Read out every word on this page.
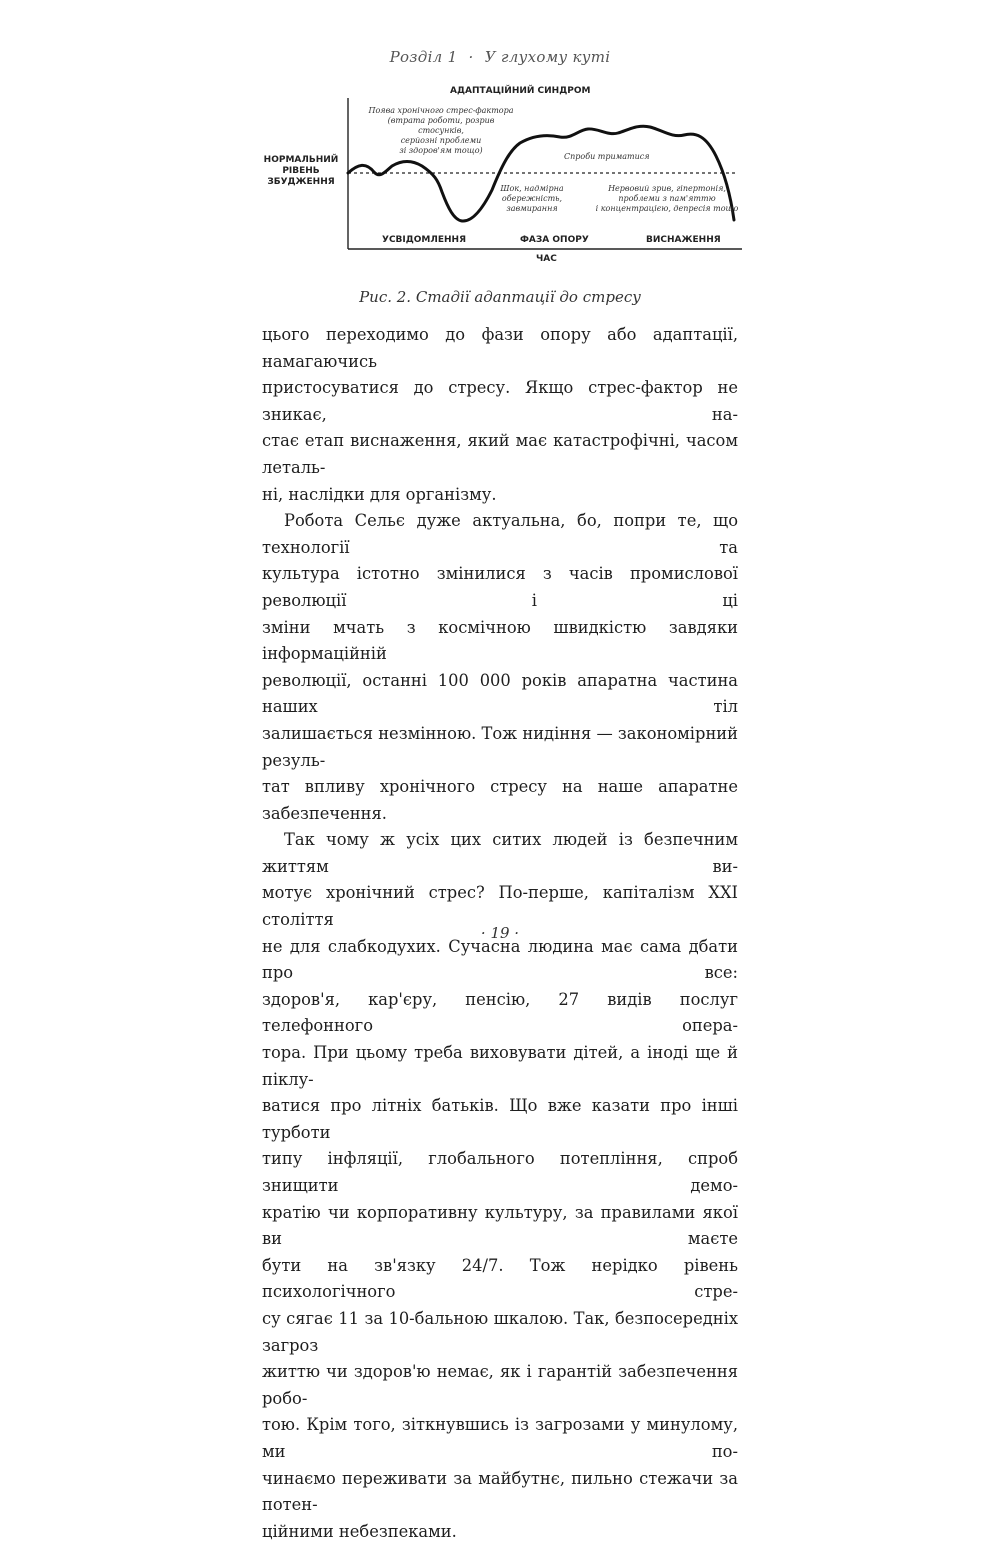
Розділ 1 · У глухому куті
АДАПТАЦІЙНИЙ СИНДРОМ
НОРМАЛЬНИЙ
РІВЕНЬ
ЗБУДЖЕННЯ
Поява хронічного стрес-фактора
(втрата роботи, розрив стосунків,
серйозні проблеми
зі здоров'ям тощо)
Шок, надмірна
обережність,
завмирання
Спроби триматися
Нервовий зрив, гіпертонія,
проблеми з пам'яттю
і концентрацією, депресія тощо
УСВІДОМЛЕННЯ	ФАЗА ОПОРУ	ВИСНАЖЕННЯ
ЧАС
Рис. 2. Стадії адаптації до стресу

цього переходимо до фази опору або адаптації, намагаючись

пристосуватися до стресу. Якщо стрес-фактор не зникає, на-

стає етап виснаження, який має катастрофічні, часом леталь-

ні, наслідки для організму.

Робота Сельє дуже актуальна, бо, попри те, що технології та

культура істотно змінилися з часів промислової революції і ці

зміни мчать з космічною швидкістю завдяки інформаційній

революції, останні 100 000 років апаратна частина наших тіл

залишається незмінною. Тож нидіння — закономірний резуль-

тат впливу хронічного стресу на наше апаратне забезпечення.

Так чому ж усіх цих ситих людей із безпечним життям ви-

мотує хронічний стрес? По-перше, капіталізм XXI століття

не для слабкодухих. Сучасна людина має сама дбати про все:

здоров'я, кар'єру, пенсію, 27 видів послуг телефонного опера-

тора. При цьому треба виховувати дітей, а іноді ще й піклу-

ватися про літніх батьків. Що вже казати про інші турботи

типу інфляції, глобального потепління, спроб знищити демо-

кратію чи корпоративну культуру, за правилами якої ви маєте

бути на зв'язку 24/7. Тож нерідко рівень психологічного стре-

су сягає 11 за 10-бальною шкалою. Так, безпосередніх загроз

життю чи здоров'ю немає, як і гарантій забезпечення робо-

тою. Крім того, зіткнувшись із загрозами у минулому, ми по-

чинаємо переживати за майбутнє, пильно стежачи за потен-

ційними небезпеками.

· 19 ·
